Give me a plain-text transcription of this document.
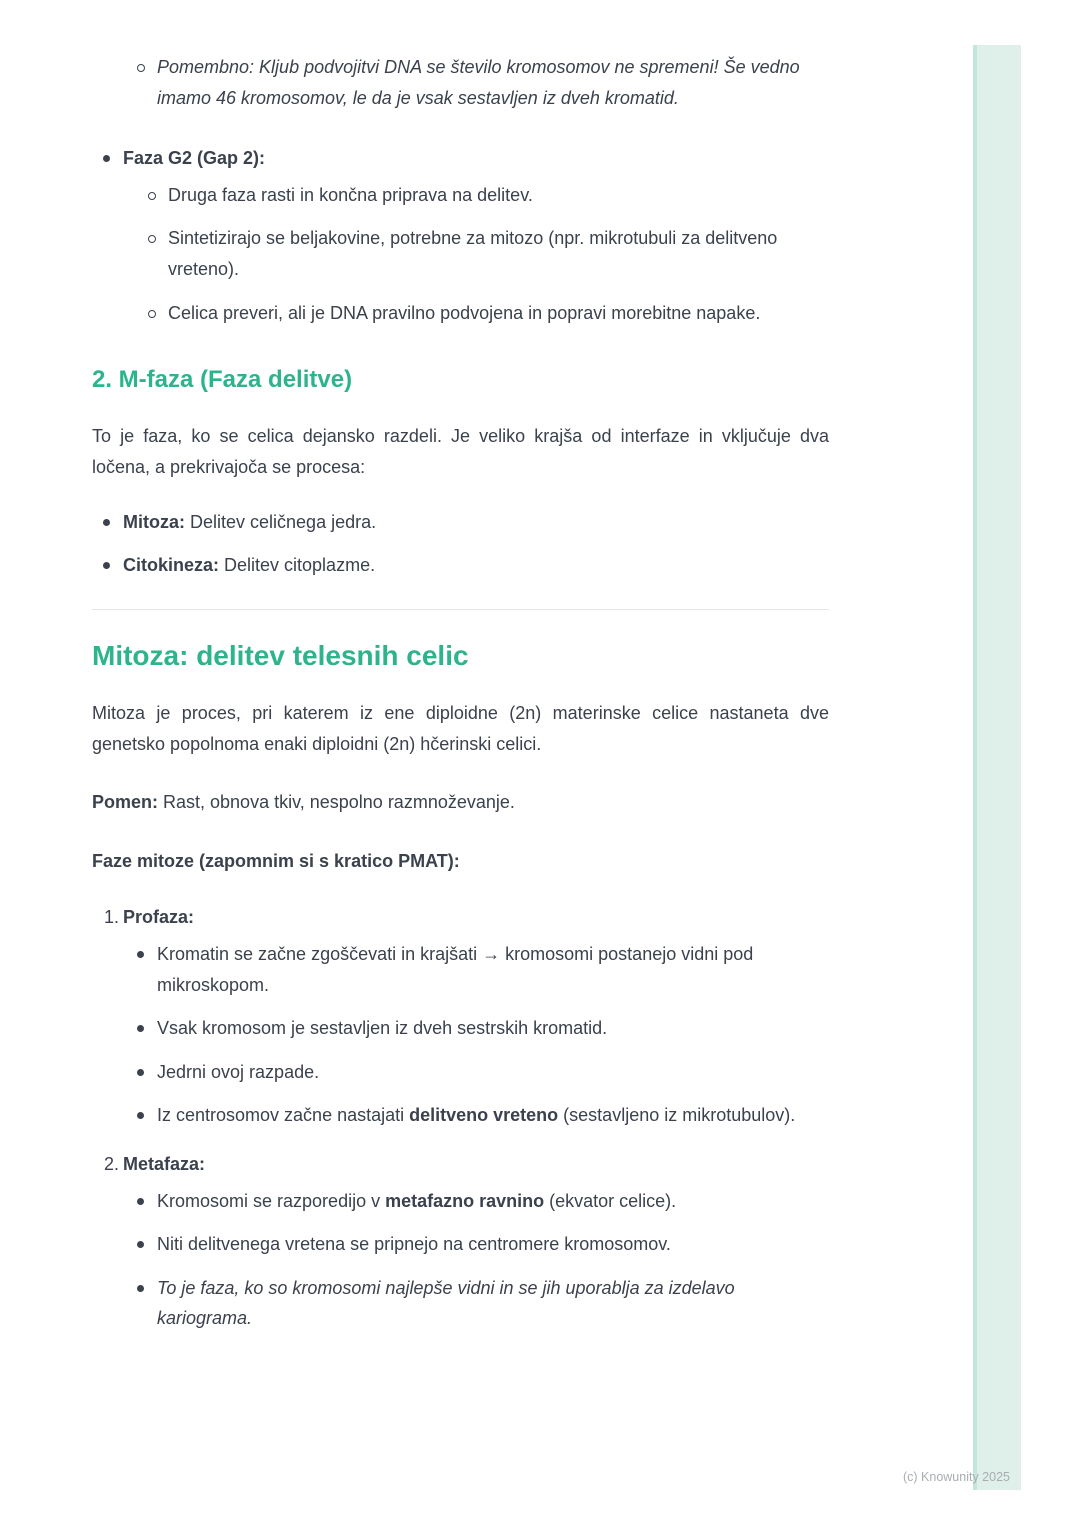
Pomembno: Kljub podvojitvi DNA se število kromosomov ne spremeni! Še vedno imamo 46 kromosomov, le da je vsak sestavljen iz dveh kromatid.
Faza G2 (Gap 2):
Druga faza rasti in končna priprava na delitev.
Sintetizirajo se beljakovine, potrebne za mitozo (npr. mikrotubuli za delitveno vreteno).
Celica preveri, ali je DNA pravilno podvojena in popravi morebitne napake.
2. M-faza (Faza delitve)

To je faza, ko se celica dejansko razdeli. Je veliko krajša od interfaze in vključuje dva ločena, a prekrivajoča se procesa:

Mitoza: Delitev celičnega jedra.
Citokineza: Delitev citoplazme.
Mitoza: delitev telesnih celic

Mitoza je proces, pri katerem iz ene diploidne (2n) materinske celice nastaneta dve genetsko popolnoma enaki diploidni (2n) hčerinski celici.

Pomen: Rast, obnova tkiv, nespolno razmnoževanje.

Faze mitoze (zapomnim si s kratico PMAT):

1. Profaza:
Kromatin se začne zgoščevati in krajšati → kromosomi postanejo vidni pod mikroskopom.
Vsak kromosom je sestavljen iz dveh sestrskih kromatid.
Jedrni ovoj razpade.
Iz centrosomov začne nastajati delitveno vreteno (sestavljeno iz mikrotubulov).
2. Metafaza:
Kromosomi se razporedijo v metafazno ravnino (ekvator celice).
Niti delitvenega vretena se pripnejo na centromere kromosomov.
To je faza, ko so kromosomi najlepše vidni in se jih uporablja za izdelavo kariograma.
(c) Knowunity 2025
